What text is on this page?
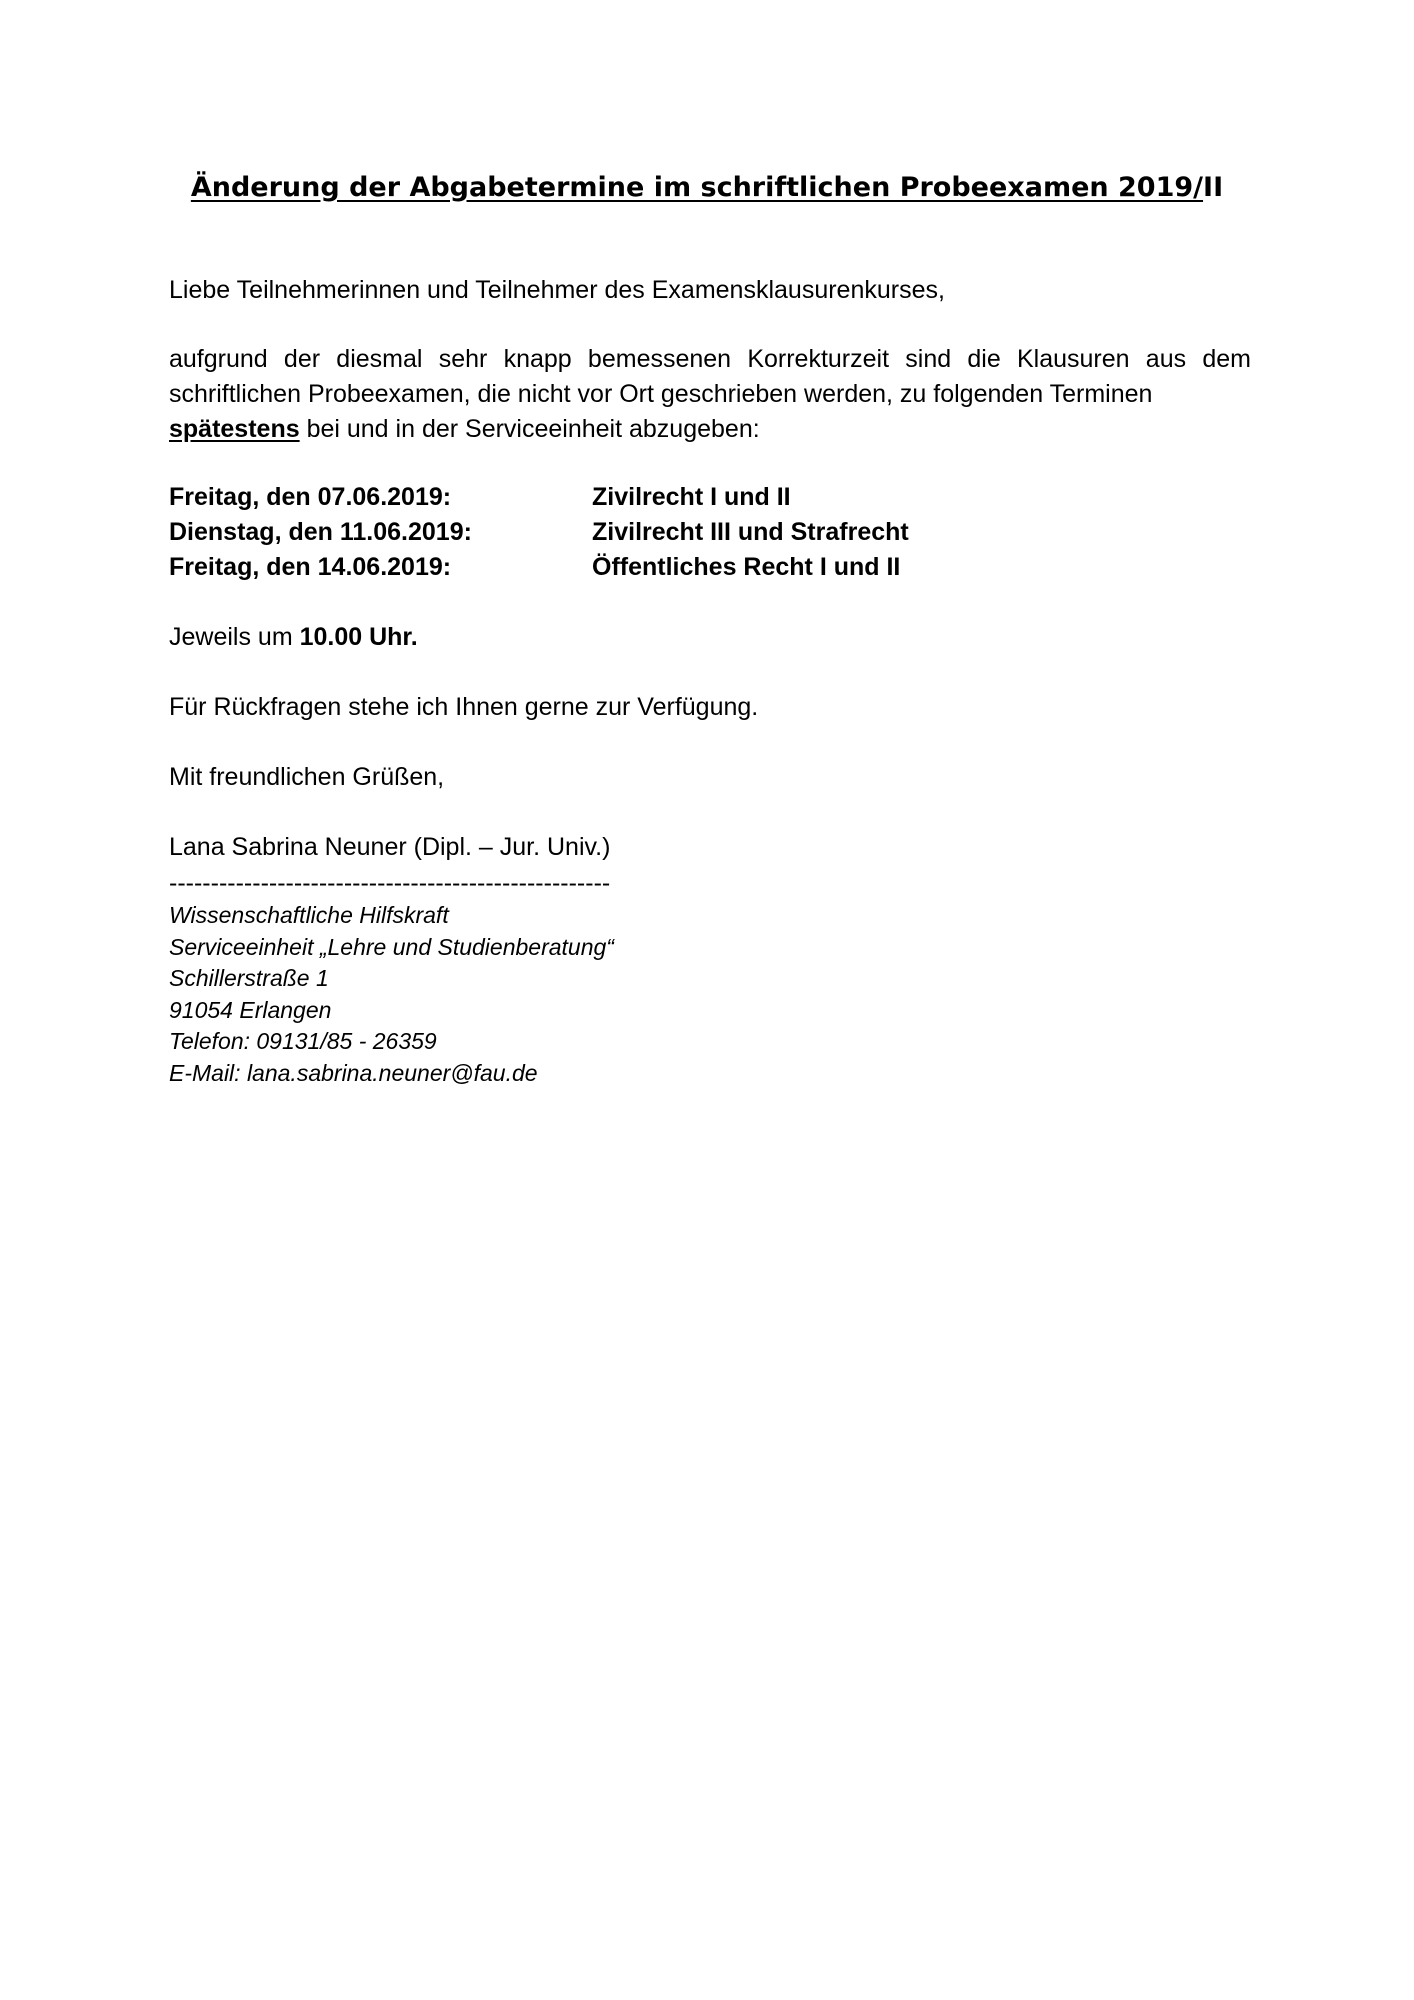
Änderung der Abgabetermine im schriftlichen Probeexamen 2019/II
Liebe Teilnehmerinnen und Teilnehmer des Examensklausurenkurses,
aufgrund der diesmal sehr knapp bemessenen Korrekturzeit sind die Klausuren aus dem schriftlichen Probeexamen, die nicht vor Ort geschrieben werden, zu folgenden Terminen
spätestens bei und in der Serviceeinheit abzugeben:
Freitag, den 07.06.2019:	Zivilrecht I und II
Dienstag, den 11.06.2019:	Zivilrecht III und Strafrecht
Freitag, den 14.06.2019:	Öffentliches Recht I und II
Jeweils um 10.00 Uhr.
Für Rückfragen stehe ich Ihnen gerne zur Verfügung.
Mit freundlichen Grüßen,
Lana Sabrina Neuner (Dipl. – Jur. Univ.)
-----------------------------------------------------
Wissenschaftliche Hilfskraft
Serviceeinheit „Lehre und Studienberatung“
Schillerstraße 1
91054 Erlangen
Telefon: 09131/85 - 26359
E-Mail: lana.sabrina.neuner@fau.de
